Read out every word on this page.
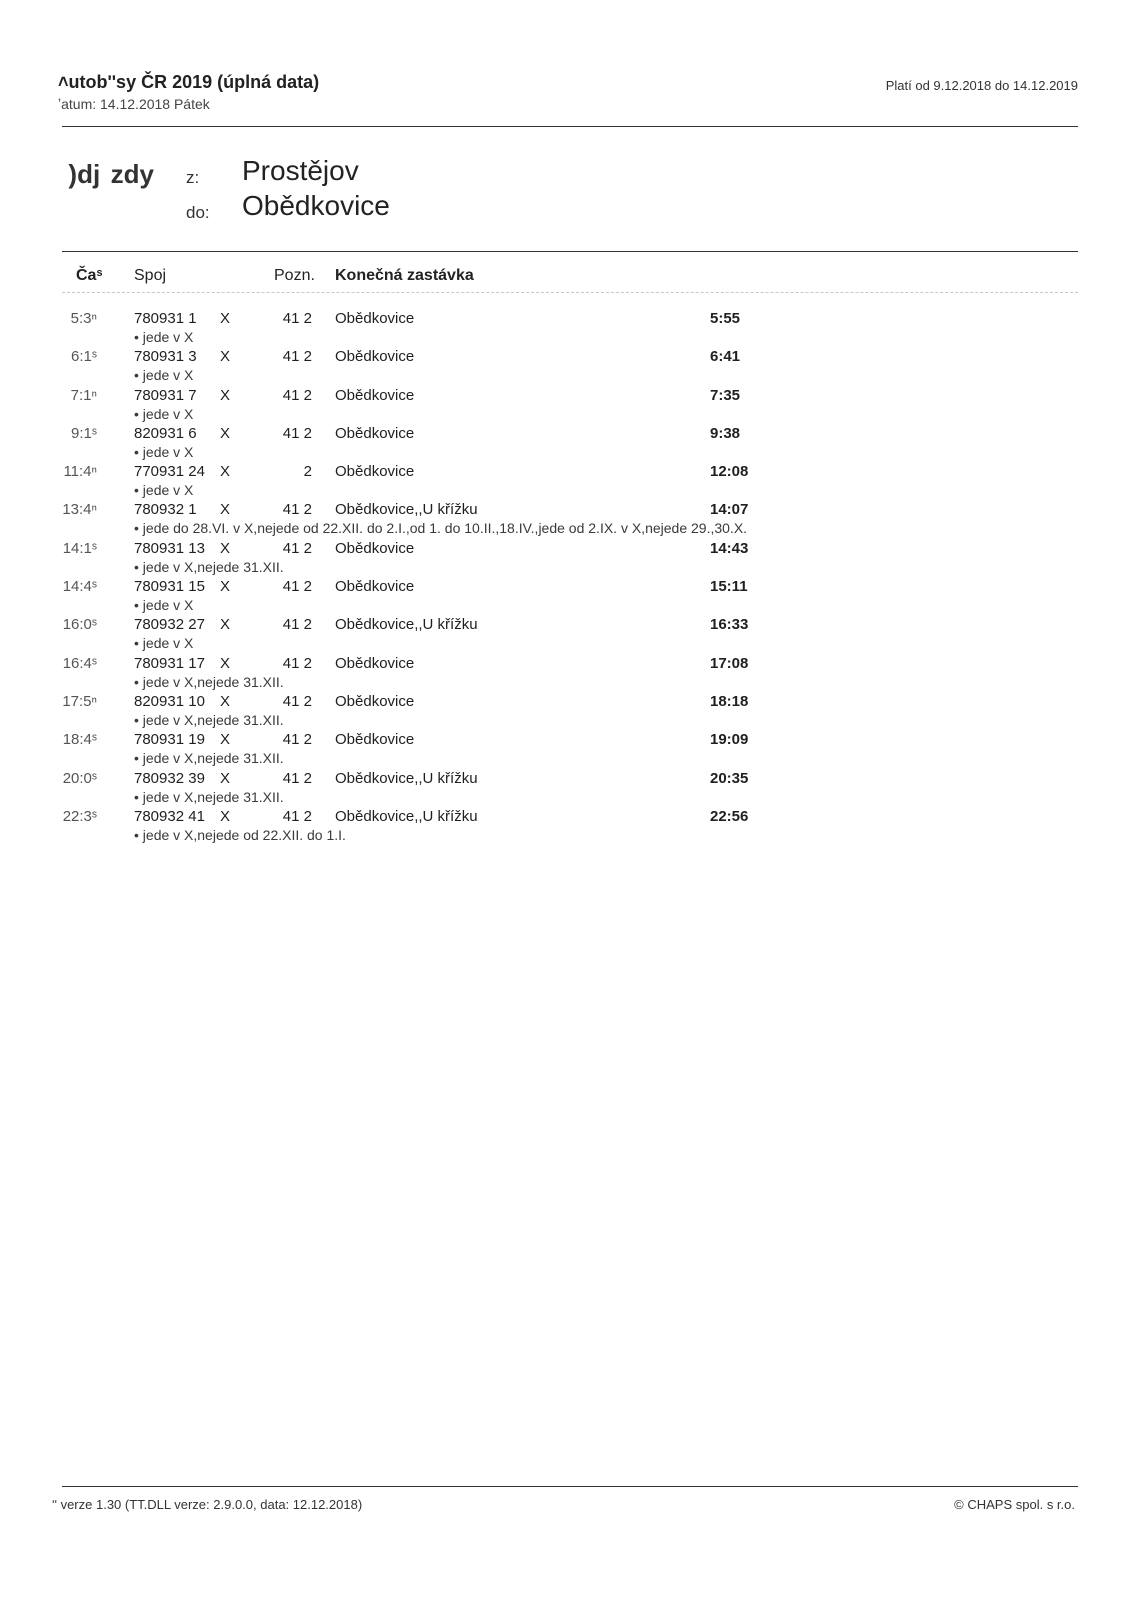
˄utobʹʹsy ČR 2019 (úplná data)
ʼatum: 14.12.2018 Pátek
Platí od 9.12.2018 do 14.12.2019
  )dj  zdy z: Prostějov
do: Obědkovice
Čaˢ Spoj	Pozn. Konečná zastávka
5:3ⁿ 780931 1 X	41 2 Obědkovice	5:55
• jede v X
6:1ˢ 780931 3 X	41 2 Obědkovice	6:41
• jede v X
7:1ⁿ 780931 7 X	41 2 Obědkovice	7:35
• jede v X
9:1ˢ 820931 6 X	41 2 Obědkovice	9:38
• jede v X
11:4ⁿ 770931 24 X	2 Obědkovice	12:08
• jede v X
13:4ⁿ 780932 1 X	41 2 Obědkovice,,U křížku	14:07
• jede do 28.VI. v X,nejede od 22.XII. do 2.I.,od 1. do 10.II.,18.IV.,jede od 2.IX. v X,nejede 29.,30.X.
14:1ˢ 780931 13 X	41 2 Obědkovice	14:43
• jede v X,nejede 31.XII.
14:4ˢ 780931 15 X	41 2 Obědkovice	15:11
• jede v X
16:0ˢ 780932 27 X	41 2 Obědkovice,,U křížku	16:33
• jede v X
16:4ˢ 780931 17 X	41 2 Obědkovice	17:08
• jede v X,nejede 31.XII.
17:5ⁿ 820931 10 X	41 2 Obědkovice	18:18
• jede v X,nejede 31.XII.
18:4ˢ 780931 19 X	41 2 Obědkovice	19:09
• jede v X,nejede 31.XII.
20:0ˢ 780932 39 X	41 2 Obědkovice,,U křížku	20:35
• jede v X,nejede 31.XII.
22:3ˢ 780932 41 X	41 2 Obědkovice,,U křížku	22:56
• jede v X,nejede od 22.XII. do 1.I.
ʹʹ verze 1.30 (TT.DLL verze: 2.9.0.0, data: 12.12.2018)	© CHAPS spol. s r.o.
